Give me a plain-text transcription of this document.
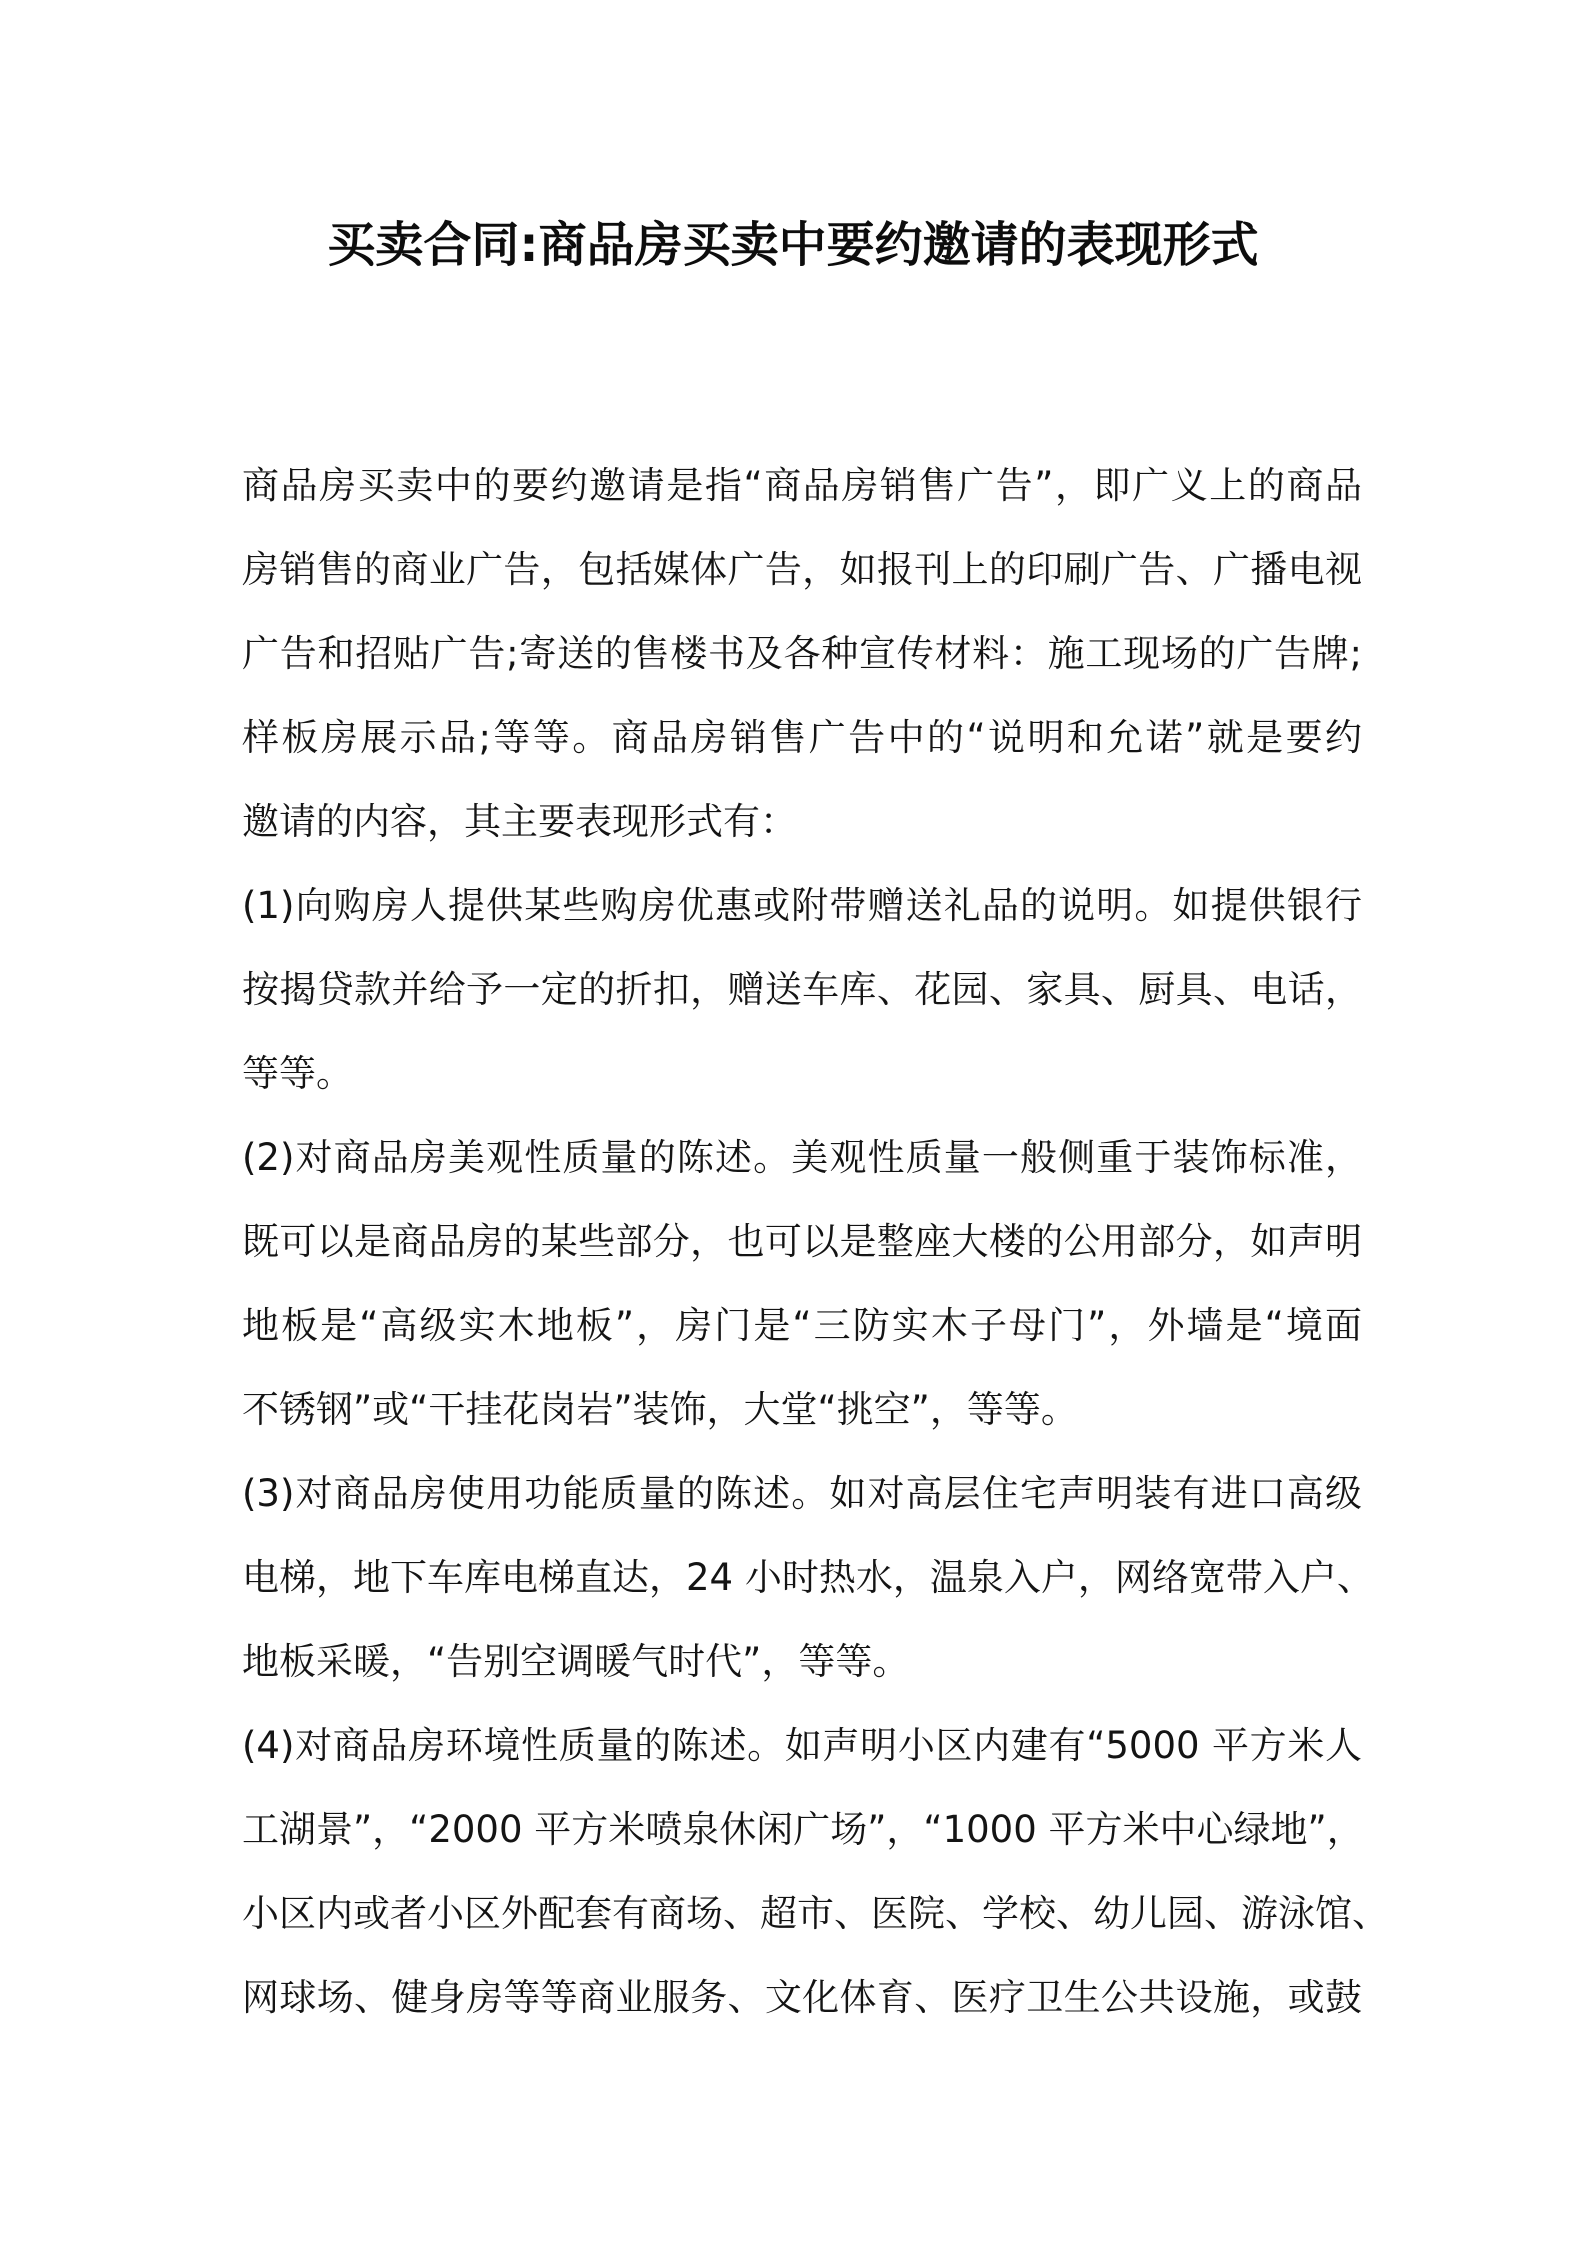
买卖合同:商品房买卖中要约邀请的表现形式
商品房买卖中的要约邀请是指“商品房销售广告”，即广义上的商品
房销售的商业广告，包括媒体广告，如报刊上的印刷广告、广播电视
广告和招贴广告;寄送的售楼书及各种宣传材料：施工现场的广告牌;
样板房展示品;等等。商品房销售广告中的“说明和允诺”就是要约
邀请的内容，其主要表现形式有：
(1)向购房人提供某些购房优惠或附带赠送礼品的说明。如提供银行
按揭贷款并给予一定的折扣，赠送车库、花园、家具、厨具、电话，
等等。
(2)对商品房美观性质量的陈述。美观性质量一般侧重于装饰标准，
既可以是商品房的某些部分，也可以是整座大楼的公用部分，如声明
地板是“高级实木地板”，房门是“三防实木子母门”，外墙是“境面
不锈钢”或“干挂花岗岩”装饰，大堂“挑空”，等等。
(3)对商品房使用功能质量的陈述。如对高层住宅声明装有进口高级
电梯，地下车库电梯直达，24 小时热水，温泉入户，网络宽带入户、
地板采暖，“告别空调暖气时代”，等等。
(4)对商品房环境性质量的陈述。如声明小区内建有“5000 平方米人
工湖景”，“2000 平方米喷泉休闲广场”，“1000 平方米中心绿地”，
小区内或者小区外配套有商场、超市、医院、学校、幼儿园、游泳馆、
网球场、健身房等等商业服务、文化体育、医疗卫生公共设施，或鼓
